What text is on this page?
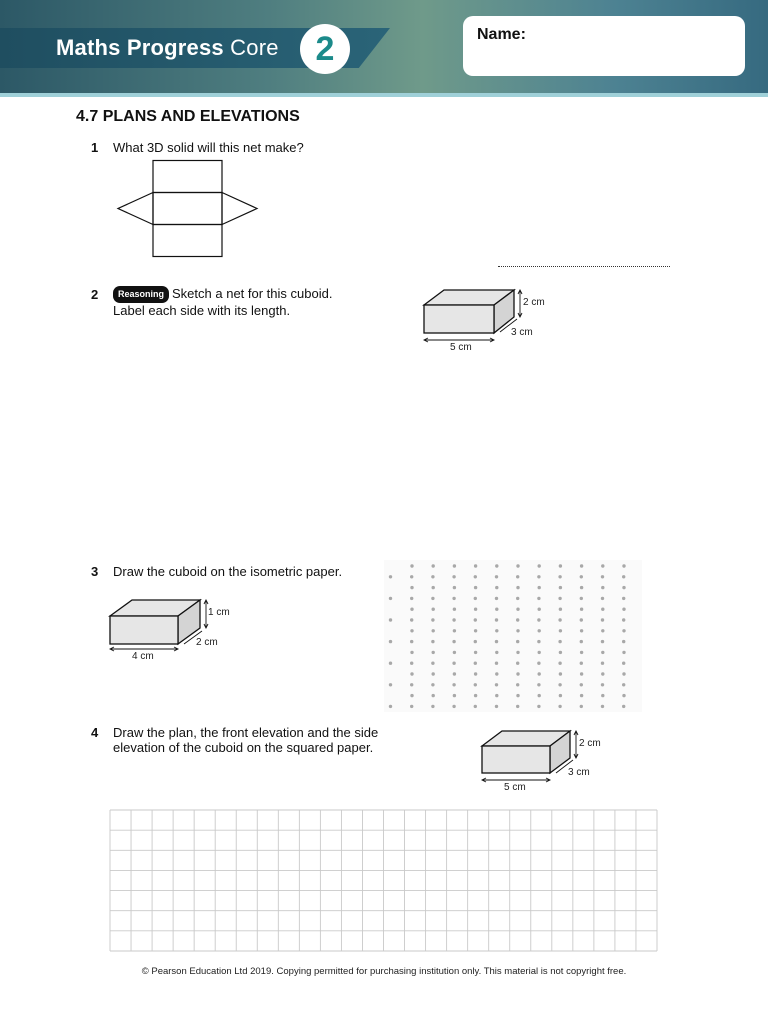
Maths Progress Core	2	Name:
4.7 PLANS AND ELEVATIONS
1 What 3D solid will this net make?
2	Reasoning Sketch a net for this cuboid.
Label each side with its length.
2 cm
3 cm
5 cm
3 Draw the cuboid on the isometric paper.
1 cm
2 cm
4 cm
4 Draw the plan, the front elevation and the side
elevation of the cuboid on the squared paper.	2 cm
3 cm
5 cm
© Pearson Education Ltd 2019. Copying permitted for purchasing institution only. This material is not copyright free.
